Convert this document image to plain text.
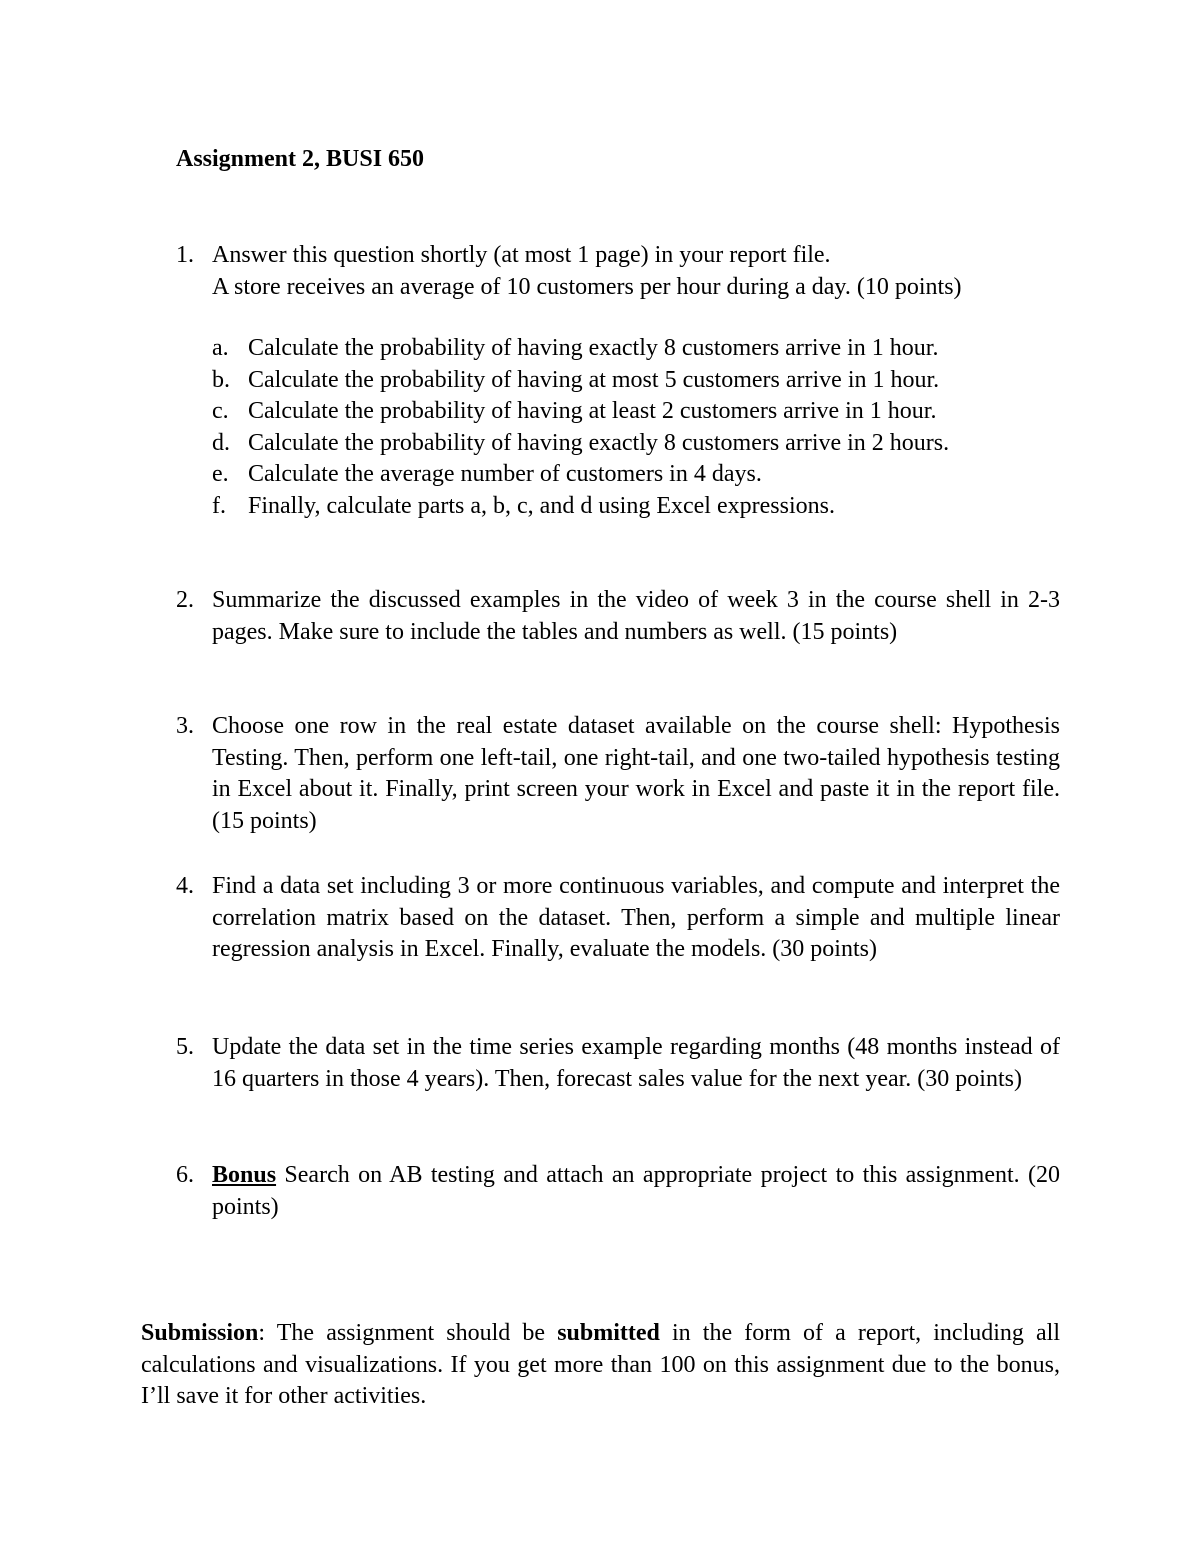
Assignment 2, BUSI 650
1. Answer this question shortly (at most 1 page) in your report file.

A store receives an average of 10 customers per hour during a day. (10 points)

a. Calculate the probability of having exactly 8 customers arrive in 1 hour.
b. Calculate the probability of having at most 5 customers arrive in 1 hour.
c. Calculate the probability of having at least 2 customers arrive in 1 hour.
d. Calculate the probability of having exactly 8 customers arrive in 2 hours.
e. Calculate the average number of customers in 4 days.
f. Finally, calculate parts a, b, c, and d using Excel expressions.
2. Summarize the discussed examples in the video of week 3 in the course shell in 2-3 pages. Make sure to include the tables and numbers as well. (15 points)

3. Choose one row in the real estate dataset available on the course shell: Hypothesis Testing. Then, perform one left-tail, one right-tail, and one two-tailed hypothesis testing in Excel about it. Finally, print screen your work in Excel and paste it in the report file. (15 points)

4. Find a data set including 3 or more continuous variables, and compute and interpret the correlation matrix based on the dataset. Then, perform a simple and multiple linear regression analysis in Excel. Finally, evaluate the models. (30 points)

5. Update the data set in the time series example regarding months (48 months instead of 16 quarters in those 4 years). Then, forecast sales value for the next year. (30 points)

6. Bonus Search on AB testing and attach an appropriate project to this assignment. (20 points)

Submission: The assignment should be submitted in the form of a report, including all calculations and visualizations. If you get more than 100 on this assignment due to the bonus, I’ll save it for other activities.
